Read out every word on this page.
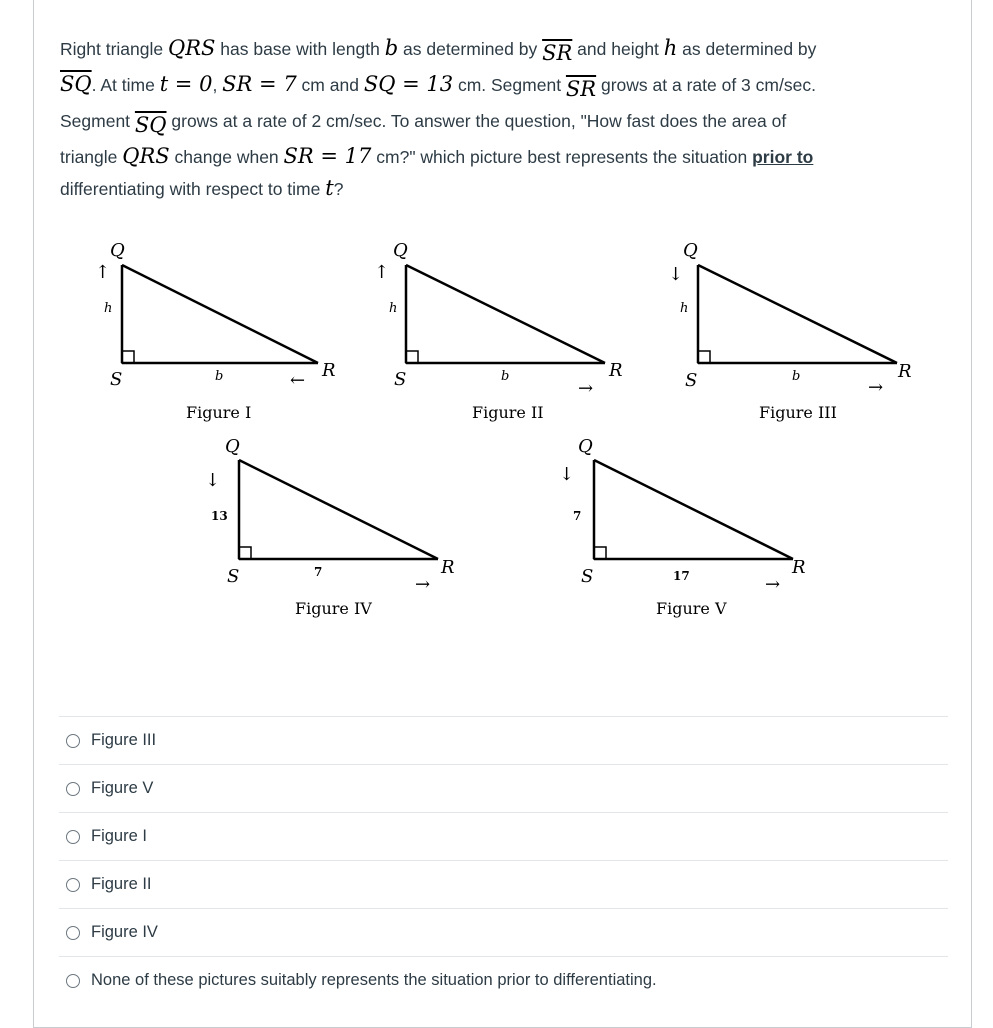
Right triangle QRS has base with length b as determined by $\overline{SR}$ and height h as determined by
$\overline{SQ}$. At time t = 0, SR = 7 cm and SQ = 13 cm. Segment $\overline{SR}$ grows at a rate of 3 cm/sec.
Segment $\overline{SQ}$ grows at a rate of 2 cm/sec. To answer the question, "How fast does the area of
triangle QRS change when SR = 17 cm?" which picture best represents the situation prior to
differentiating with respect to time t?
Q
↑
h
S	b	← R
Figure I
Q
↑
h
S	b
→
R
Figure II
Q
↓
h
S	b
→
R
Figure III
Q
↓
13
S	7
→
R
Figure IV
Q
↓
7
S	17	→
R
Figure V
Figure III
Figure V
Figure I
Figure II
Figure IV
None of these pictures suitably represents the situation prior to differentiating.
